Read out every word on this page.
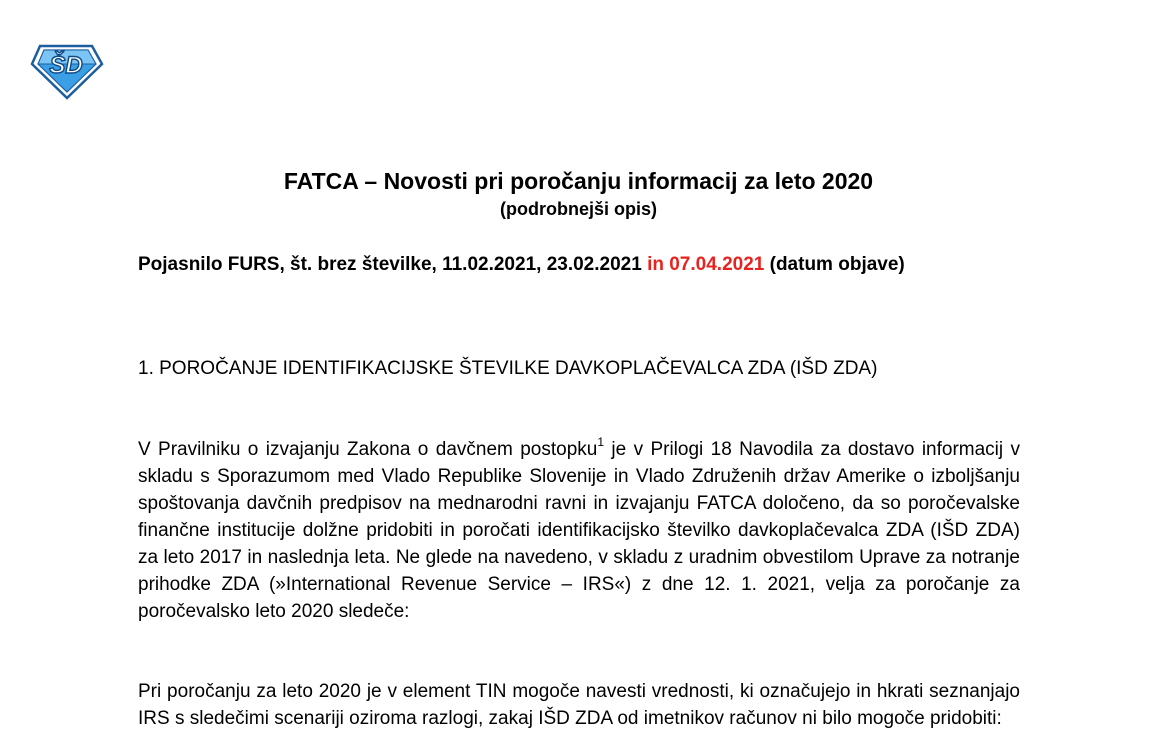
ŠD
FATCA – Novosti pri poročanju informacij za leto 2020

(podrobnejši opis)

Pojasnilo FURS, št. brez številke, 11.02.2021, 23.02.2021 in 07.04.2021 (datum objave)

1. POROČANJE IDENTIFIKACIJSKE ŠTEVILKE DAVKOPLAČEVALCA ZDA (IŠD ZDA)

V Pravilniku o izvajanju Zakona o davčnem postopku$^1$ je v Prilogi 18 Navodila za dostavo informacij v skladu s Sporazumom med Vlado Republike Slovenije in Vlado Združenih držav Amerike o izboljšanju spoštovanja davčnih predpisov na mednarodni ravni in izvajanju FATCA določeno, da so poročevalske finančne institucije dolžne pridobiti in poročati identifikacijsko številko davkoplačevalca ZDA (IŠD ZDA) za leto 2017 in naslednja leta. Ne glede na navedeno, v skladu z uradnim obvestilom Uprave za notranje prihodke ZDA (»International Revenue Service – IRS«) z dne 12. 1. 2021, velja za poročanje za poročevalsko leto 2020 sledeče:

Pri poročanju za leto 2020 je v element TIN mogoče navesti vrednosti, ki označujejo in hkrati seznanjajo IRS s sledečimi scenariji oziroma razlogi, zakaj IŠD ZDA od imetnikov računov ni bilo mogoče pridobiti:
